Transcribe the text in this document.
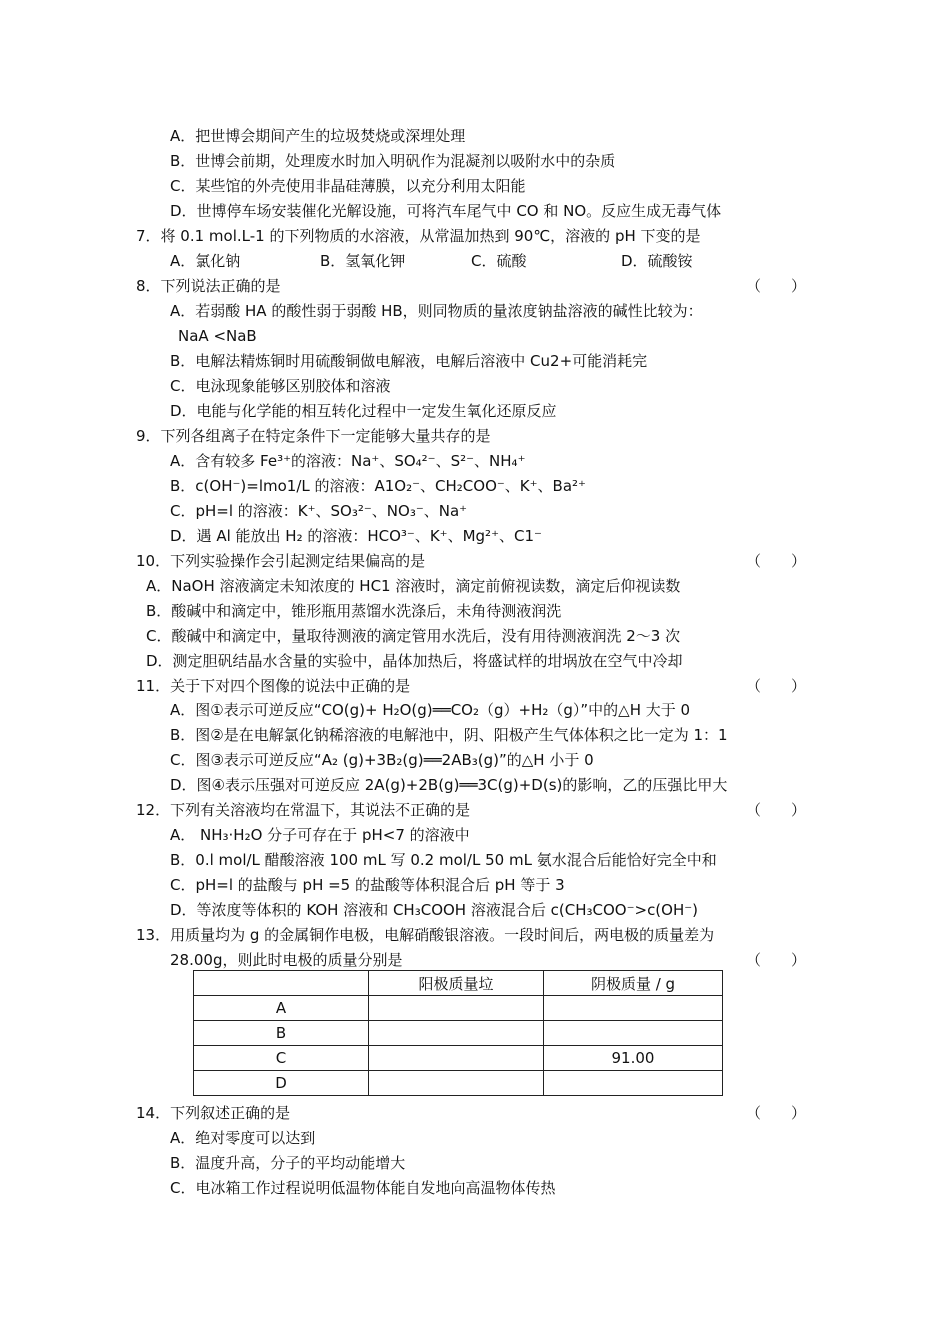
A．把世博会期间产生的垃圾焚烧或深埋处理
B．世博会前期，处理废水时加入明矾作为混凝剂以吸附水中的杂质
C．某些馆的外壳使用非晶硅薄膜，以充分利用太阳能
D．世博停车场安装催化光解设施，可将汽车尾气中 CO 和 NO。反应生成无毒气体
7．将 0.1 mol.L-1 的下列物质的水溶液，从常温加热到 90℃，溶液的 pH 下变的是
A．氯化钠	B．氢氧化钾	C．硫酸	D．硫酸铵
8．下列说法正确的是	（　　）
A．若弱酸 HA 的酸性弱于弱酸 HB，则同物质的量浓度钠盐溶液的碱性比较为：
NaA <NaB
B．电解法精炼铜时用硫酸铜做电解液，电解后溶液中 Cu2+可能消耗完
C．电泳现象能够区别胶体和溶液
D．电能与化学能的相互转化过程中一定发生氧化还原反应
9．下列各组离子在特定条件下一定能够大量共存的是
A．含有较多 Fe³⁺的溶液：Na⁺、SO₄²⁻、S²⁻、NH₄⁺
B．c(OH⁻)=lmo1/L 的溶液：A1O₂⁻、CH₂COO⁻、K⁺、Ba²⁺
C．pH=l 的溶液：K⁺、SO₃²⁻、NO₃⁻、Na⁺
D．遇 Al 能放出 H₂ 的溶液：HCO³⁻、K⁺、Mg²⁺、C1⁻
10．下列实验操作会引起测定结果偏高的是	（　　）
A．NaOH 溶液滴定未知浓度的 HC1 溶液时，滴定前俯视读数，滴定后仰视读数
B．酸碱中和滴定中，锥形瓶用蒸馏水洗涤后，未角待测液润洗
C．酸碱中和滴定中，量取待测液的滴定管用水洗后，没有用待测液润洗 2～3 次
D．测定胆矾结晶水含量的实验中，晶体加热后，将盛试样的坩埚放在空气中冷却
11．关于下对四个图像的说法中正确的是	（　　）
A．图①表示可逆反应“CO(g)+ H₂O(g)══CO₂（g）+H₂（g）”中的△H 大于 0
B．图②是在电解氯化钠稀溶液的电解池中，阴、阳极产生气体体积之比一定为 1：1
C．图③表示可逆反应“A₂ (g)+3B₂(g)══2AB₃(g)”的△H 小于 0
D．图④表示压强对可逆反应 2A(g)+2B(g)══3C(g)+D(s)的影响，乙的压强比甲大
12．下列有关溶液均在常温下，其说法不正确的是	（　　）
A． NH₃·H₂O 分子可存在于 pH<7 的溶液中
B．0.l mol/L 醋酸溶液 100 mL 写 0.2 mol/L 50 mL 氨水混合后能恰好完全中和
C．pH=l 的盐酸与 pH =5 的盐酸等体积混合后 pH 等于 3
D．等浓度等体积的 KOH 溶液和 CH₃COOH 溶液混合后 c(CH₃COO⁻>c(OH⁻)
13．用质量均为 g 的金属铜作电极，电解硝酸银溶液。一段时间后，两电极的质量差为
28.00g，则此时电极的质量分别是	（　　）
	阳极质量垃	阴极质量 / g
A		
B		
C		91.00
D		
14．下列叙述正确的是	（　　）
A．绝对零度可以达到
B．温度升高，分子的平均动能增大
C．电冰箱工作过程说明低温物体能自发地向高温物体传热
